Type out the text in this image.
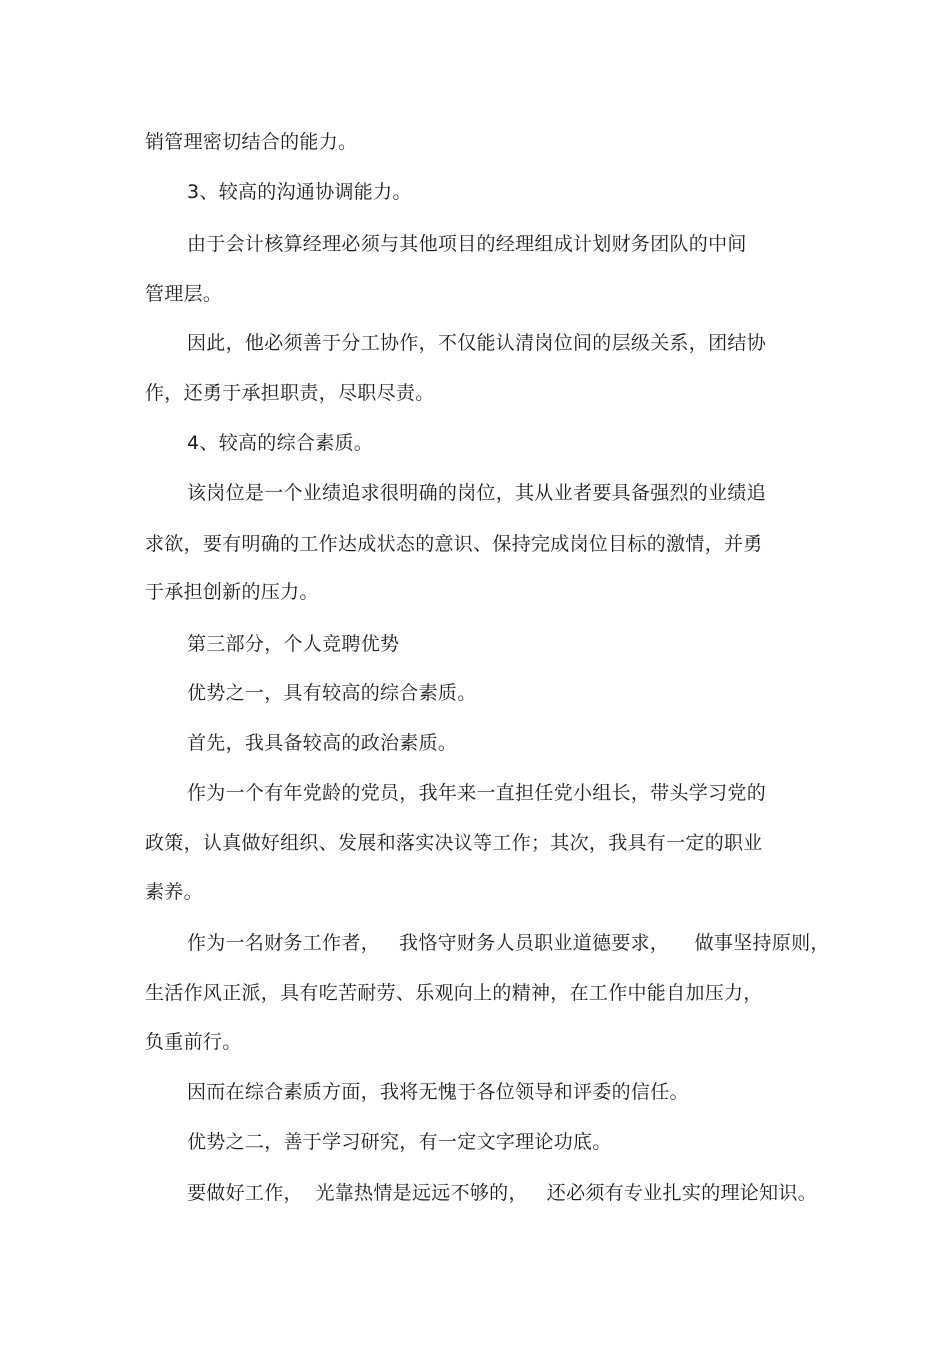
销管理密切结合的能力。
3、较高的沟通协调能力。
由于会计核算经理必须与其他项目的经理组成计划财务团队的中间
管理层。
因此，他必须善于分工协作，不仅能认清岗位间的层级关系，团结协
作，还勇于承担职责，尽职尽责。
4、较高的综合素质。
该岗位是一个业绩追求很明确的岗位，其从业者要具备强烈的业绩追
求欲，要有明确的工作达成状态的意识、保持完成岗位目标的激情，并勇
于承担创新的压力。
第三部分，个人竞聘优势
优势之一，具有较高的综合素质。
首先，我具备较高的政治素质。
作为一个有年党龄的党员，我年来一直担任党小组长，带头学习党的
政策，认真做好组织、发展和落实决议等工作；其次，我具有一定的职业
素养。
作为一名财务工作者，   我恪守财务人员职业道德要求，    做事坚持原则，
生活作风正派，具有吃苦耐劳、乐观向上的精神，在工作中能自加压力，
负重前行。
因而在综合素质方面，我将无愧于各位领导和评委的信任。
优势之二，善于学习研究，有一定文字理论功底。
要做好工作，  光靠热情是远远不够的，   还必须有专业扎实的理论知识。
